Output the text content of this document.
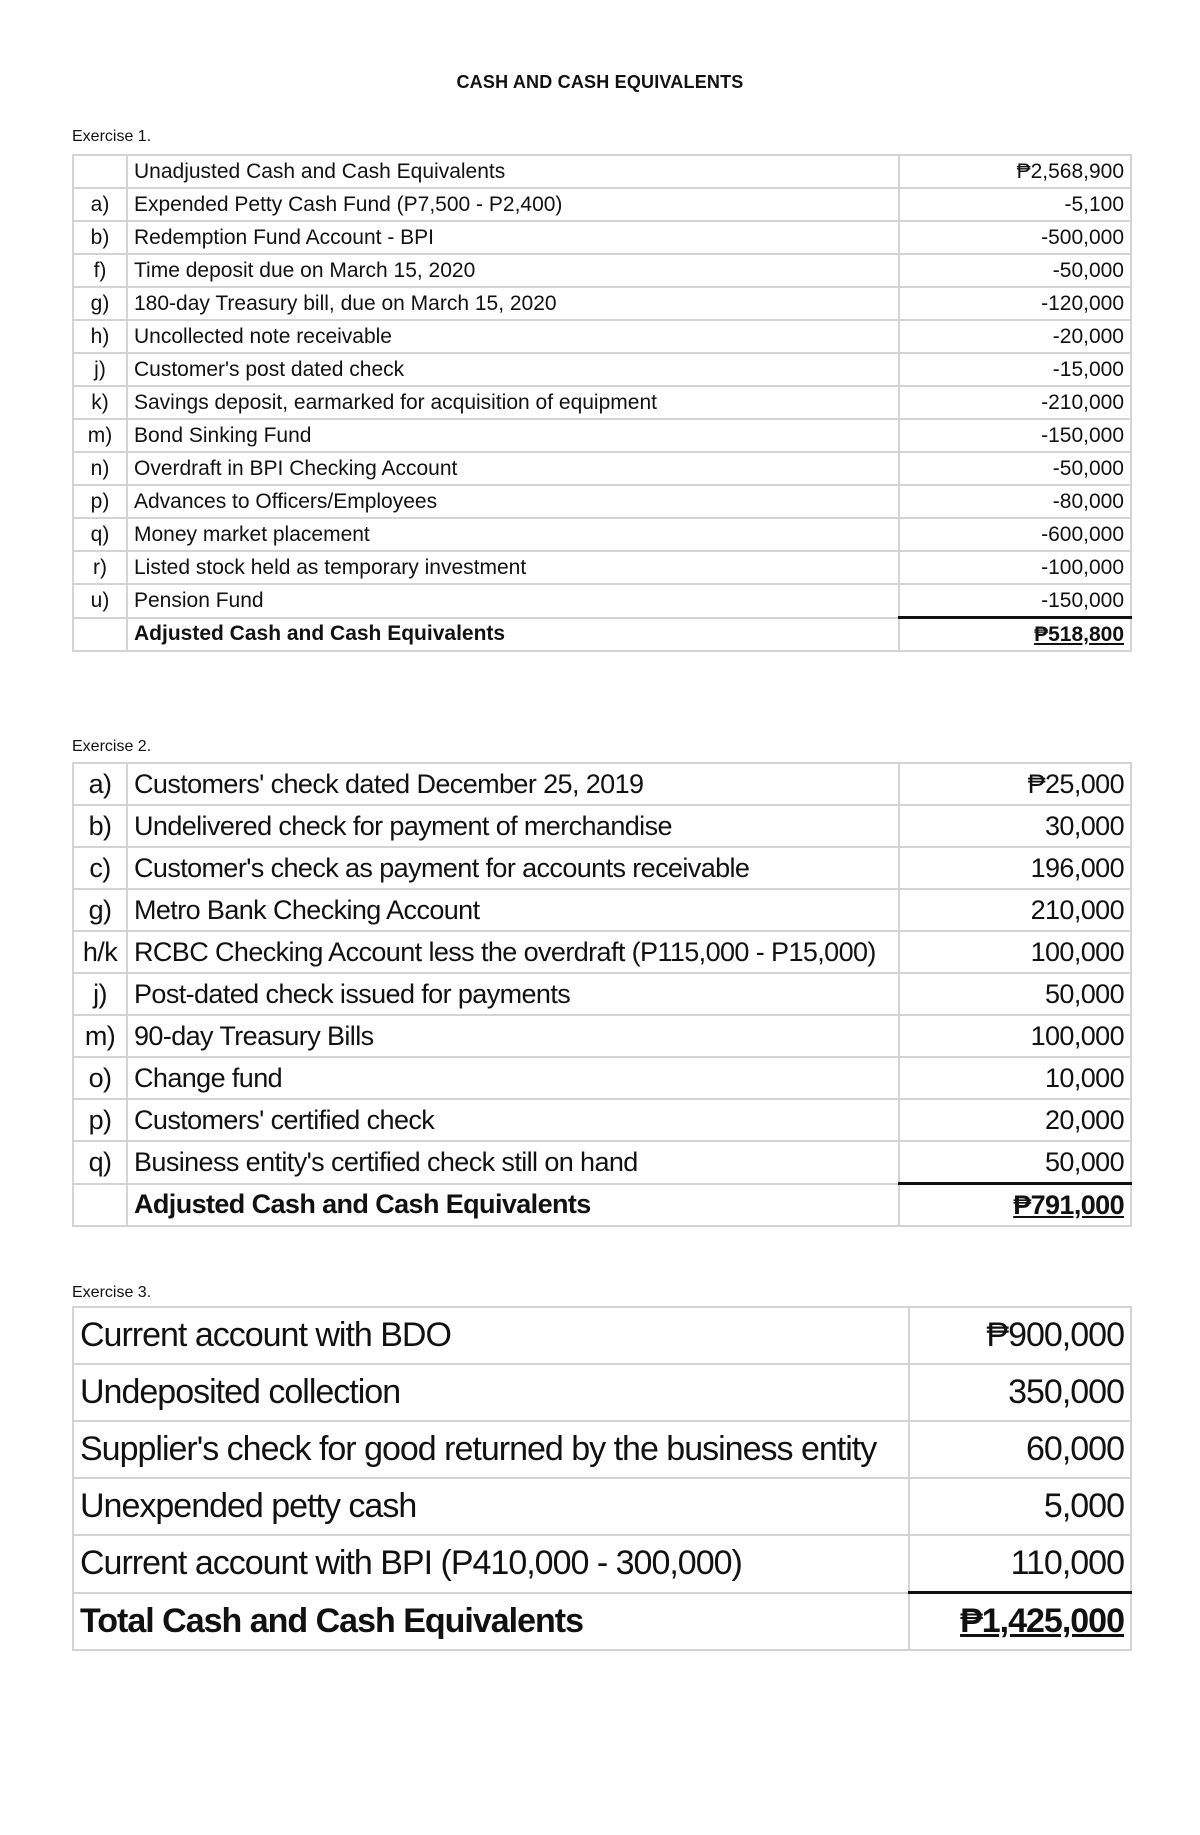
CASH AND CASH EQUIVALENTS
Exercise 1.
	Unadjusted Cash and Cash Equivalents	₱2,568,900
a)	Expended Petty Cash Fund (P7,500 - P2,400)	-5,100
b)	Redemption Fund Account - BPI	-500,000
f)	Time deposit due on March 15, 2020	-50,000
g)	180-day Treasury bill, due on March 15, 2020	-120,000
h)	Uncollected note receivable	-20,000
j)	Customer's post dated check	-15,000
k)	Savings deposit, earmarked for acquisition of equipment	-210,000
m)	Bond Sinking Fund	-150,000
n)	Overdraft in BPI Checking Account	-50,000
p)	Advances to Officers/Employees	-80,000
q)	Money market placement	-600,000
r)	Listed stock held as temporary investment	-100,000
u)	Pension Fund	-150,000
	Adjusted Cash and Cash Equivalents	₱518,800
Exercise 2.
a)	Customers' check dated December 25, 2019	₱25,000
b)	Undelivered check for payment of merchandise	30,000
c)	Customer's check as payment for accounts receivable	196,000
g)	Metro Bank Checking Account	210,000
h/k	RCBC Checking Account less the overdraft (P115,000 - P15,000)	100,000
j)	Post-dated check issued for payments	50,000
m)	90-day Treasury Bills	100,000
o)	Change fund	10,000
p)	Customers' certified check	20,000
q)	Business entity's certified check still on hand	50,000
	Adjusted Cash and Cash Equivalents	₱791,000
Exercise 3.
Current account with BDO	₱900,000
Undeposited collection	350,000
Supplier's check for good returned by the business entity	60,000
Unexpended petty cash	5,000
Current account with BPI (P410,000 - 300,000)	110,000
Total Cash and Cash Equivalents	₱1,425,000
